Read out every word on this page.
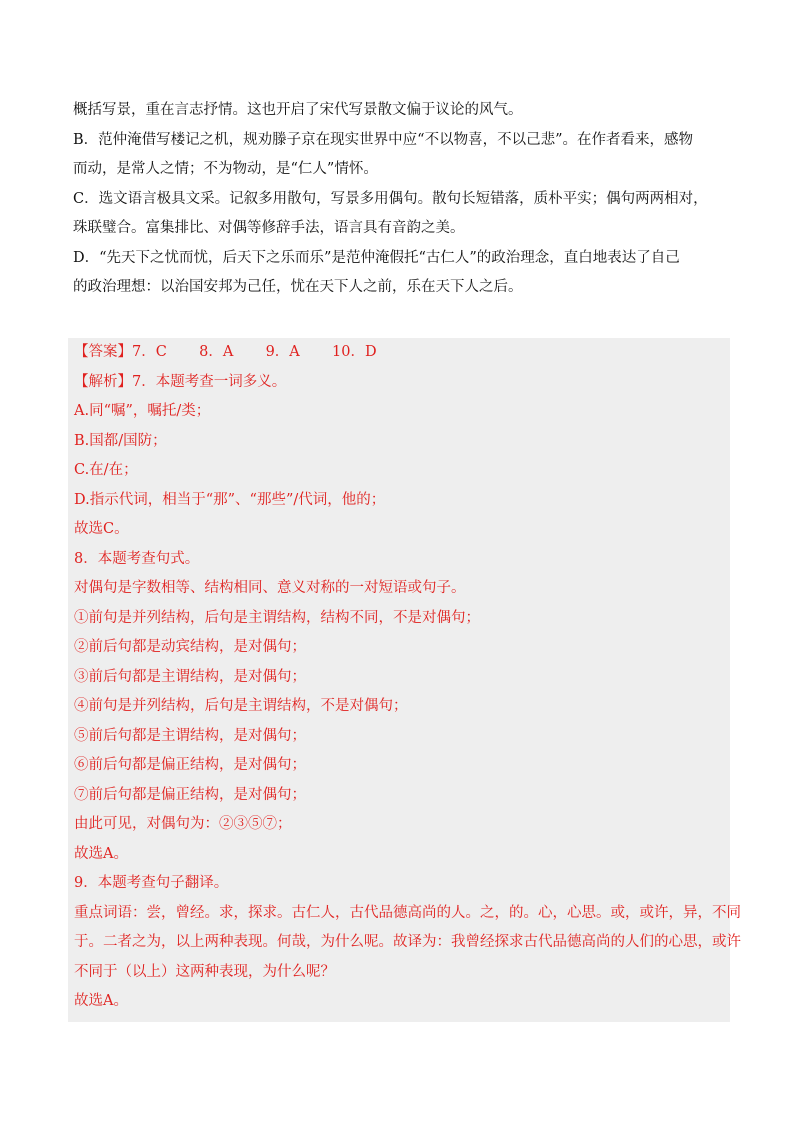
概括写景，重在言志抒情。这也开启了宋代写景散文偏于议论的风气。

B．范仲淹借写楼记之机，规劝滕子京在现实世界中应“不以物喜，不以己悲”。在作者看来，感物

而动，是常人之情；不为物动，是“仁人”情怀。

C．选文语言极具文采。记叙多用散句，写景多用偶句。散句长短错落，质朴平实；偶句两两相对，

珠联璧合。富集排比、对偶等修辞手法，语言具有音韵之美。

D．“先天下之忧而忧，后天下之乐而乐”是范仲淹假托“古仁人”的政治理念，直白地表达了自己

的政治理想：以治国安邦为己任，忧在天下人之前，乐在天下人之后。

【答案】7．C 8．A 9．A 10．D

【解析】7．本题考查一词多义。

A.同“嘱”，嘱托/类；

B.国都/国防；

C.在/在；

D.指示代词，相当于“那”、“那些”/代词，他的；

故选C。

8．本题考查句式。

对偶句是字数相等、结构相同、意义对称的一对短语或句子。

①前句是并列结构，后句是主谓结构，结构不同，不是对偶句；

②前后句都是动宾结构，是对偶句；

③前后句都是主谓结构，是对偶句；

④前句是并列结构，后句是主谓结构，不是对偶句；

⑤前后句都是主谓结构，是对偶句；

⑥前后句都是偏正结构，是对偶句；

⑦前后句都是偏正结构，是对偶句；

由此可见，对偶句为：②③⑤⑦；

故选A。

9．本题考查句子翻译。

重点词语：尝，曾经。求，探求。古仁人，古代品德高尚的人。之，的。心，心思。或，或许，异，不同

于。二者之为，以上两种表现。何哉，为什么呢。故译为：我曾经探求古代品德高尚的人们的心思，或许

不同于（以上）这两种表现，为什么呢？

故选A。
